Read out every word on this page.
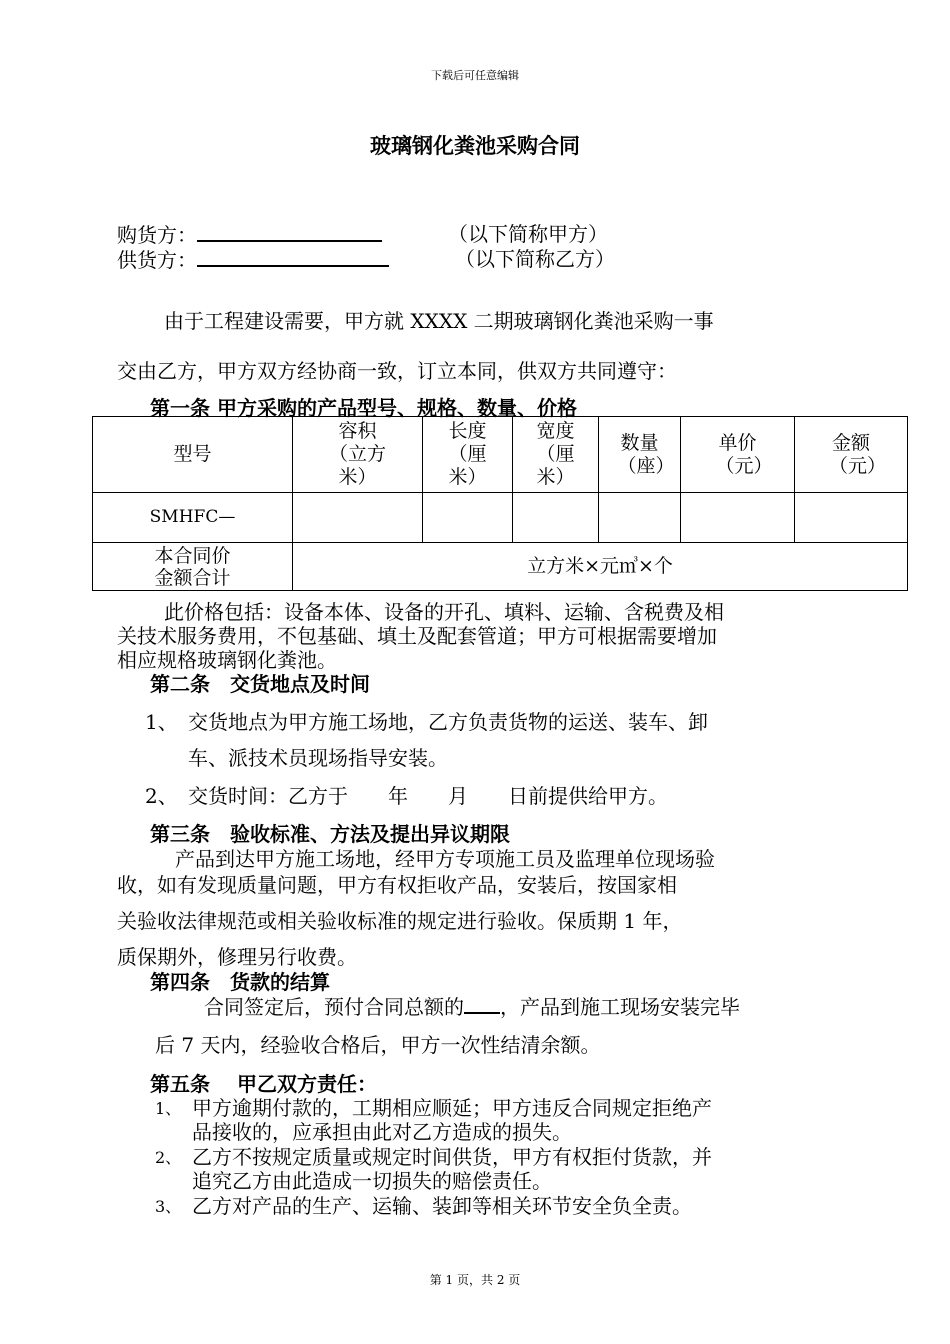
下载后可任意编辑
玻璃钢化粪池采购合同
购货方：	（以下简称甲方）
供货方：	（以下简称乙方）
由于工程建设需要，甲方就 XXXX 二期玻璃钢化粪池采购一事
交由乙方，甲方双方经协商一致，订立本同，供双方共同遵守：
第一条 甲方采购的产品型号、规格、数量、价格
型号	容积（立方米）	长度（厘米）	宽度（厘米）	数量（座）	单价（元）	金额（元）
SMHFC—						

本合同价
金额合计	立方米×元㎥×个					
此价格包括：设备本体、设备的开孔、填料、运输、含税费及相
关技术服务费用，不包基础、填土及配套管道；甲方可根据需要增加
相应规格玻璃钢化粪池。
第二条　交货地点及时间
1、 交货地点为甲方施工场地，乙方负责货物的运送、装车、卸
车、派技术员现场指导安装。
2、 交货时间：乙方于　　年　　月　　日前提供给甲方。
第三条　验收标准、方法及提出异议期限
产品到达甲方施工场地，经甲方专项施工员及监理单位现场验
收，如有发现质量问题，甲方有权拒收产品，安装后，按国家相
关验收法律规范或相关验收标准的规定进行验收。保质期 1 年，
质保期外，修理另行收费。
第四条　货款的结算
合同签定后，预付合同总额的 ，产品到施工现场安装完毕
后 7 天内，经验收合格后，甲方一次性结清余额。
第五条　 甲乙双方责任：
1、 甲方逾期付款的，工期相应顺延；甲方违反合同规定拒绝产
品接收的，应承担由此对乙方造成的损失。
2、 乙方不按规定质量或规定时间供货，甲方有权拒付货款，并
追究乙方由此造成一切损失的赔偿责任。
3、 乙方对产品的生产、运输、装卸等相关环节安全负全责。
第 1 页，共 2 页
